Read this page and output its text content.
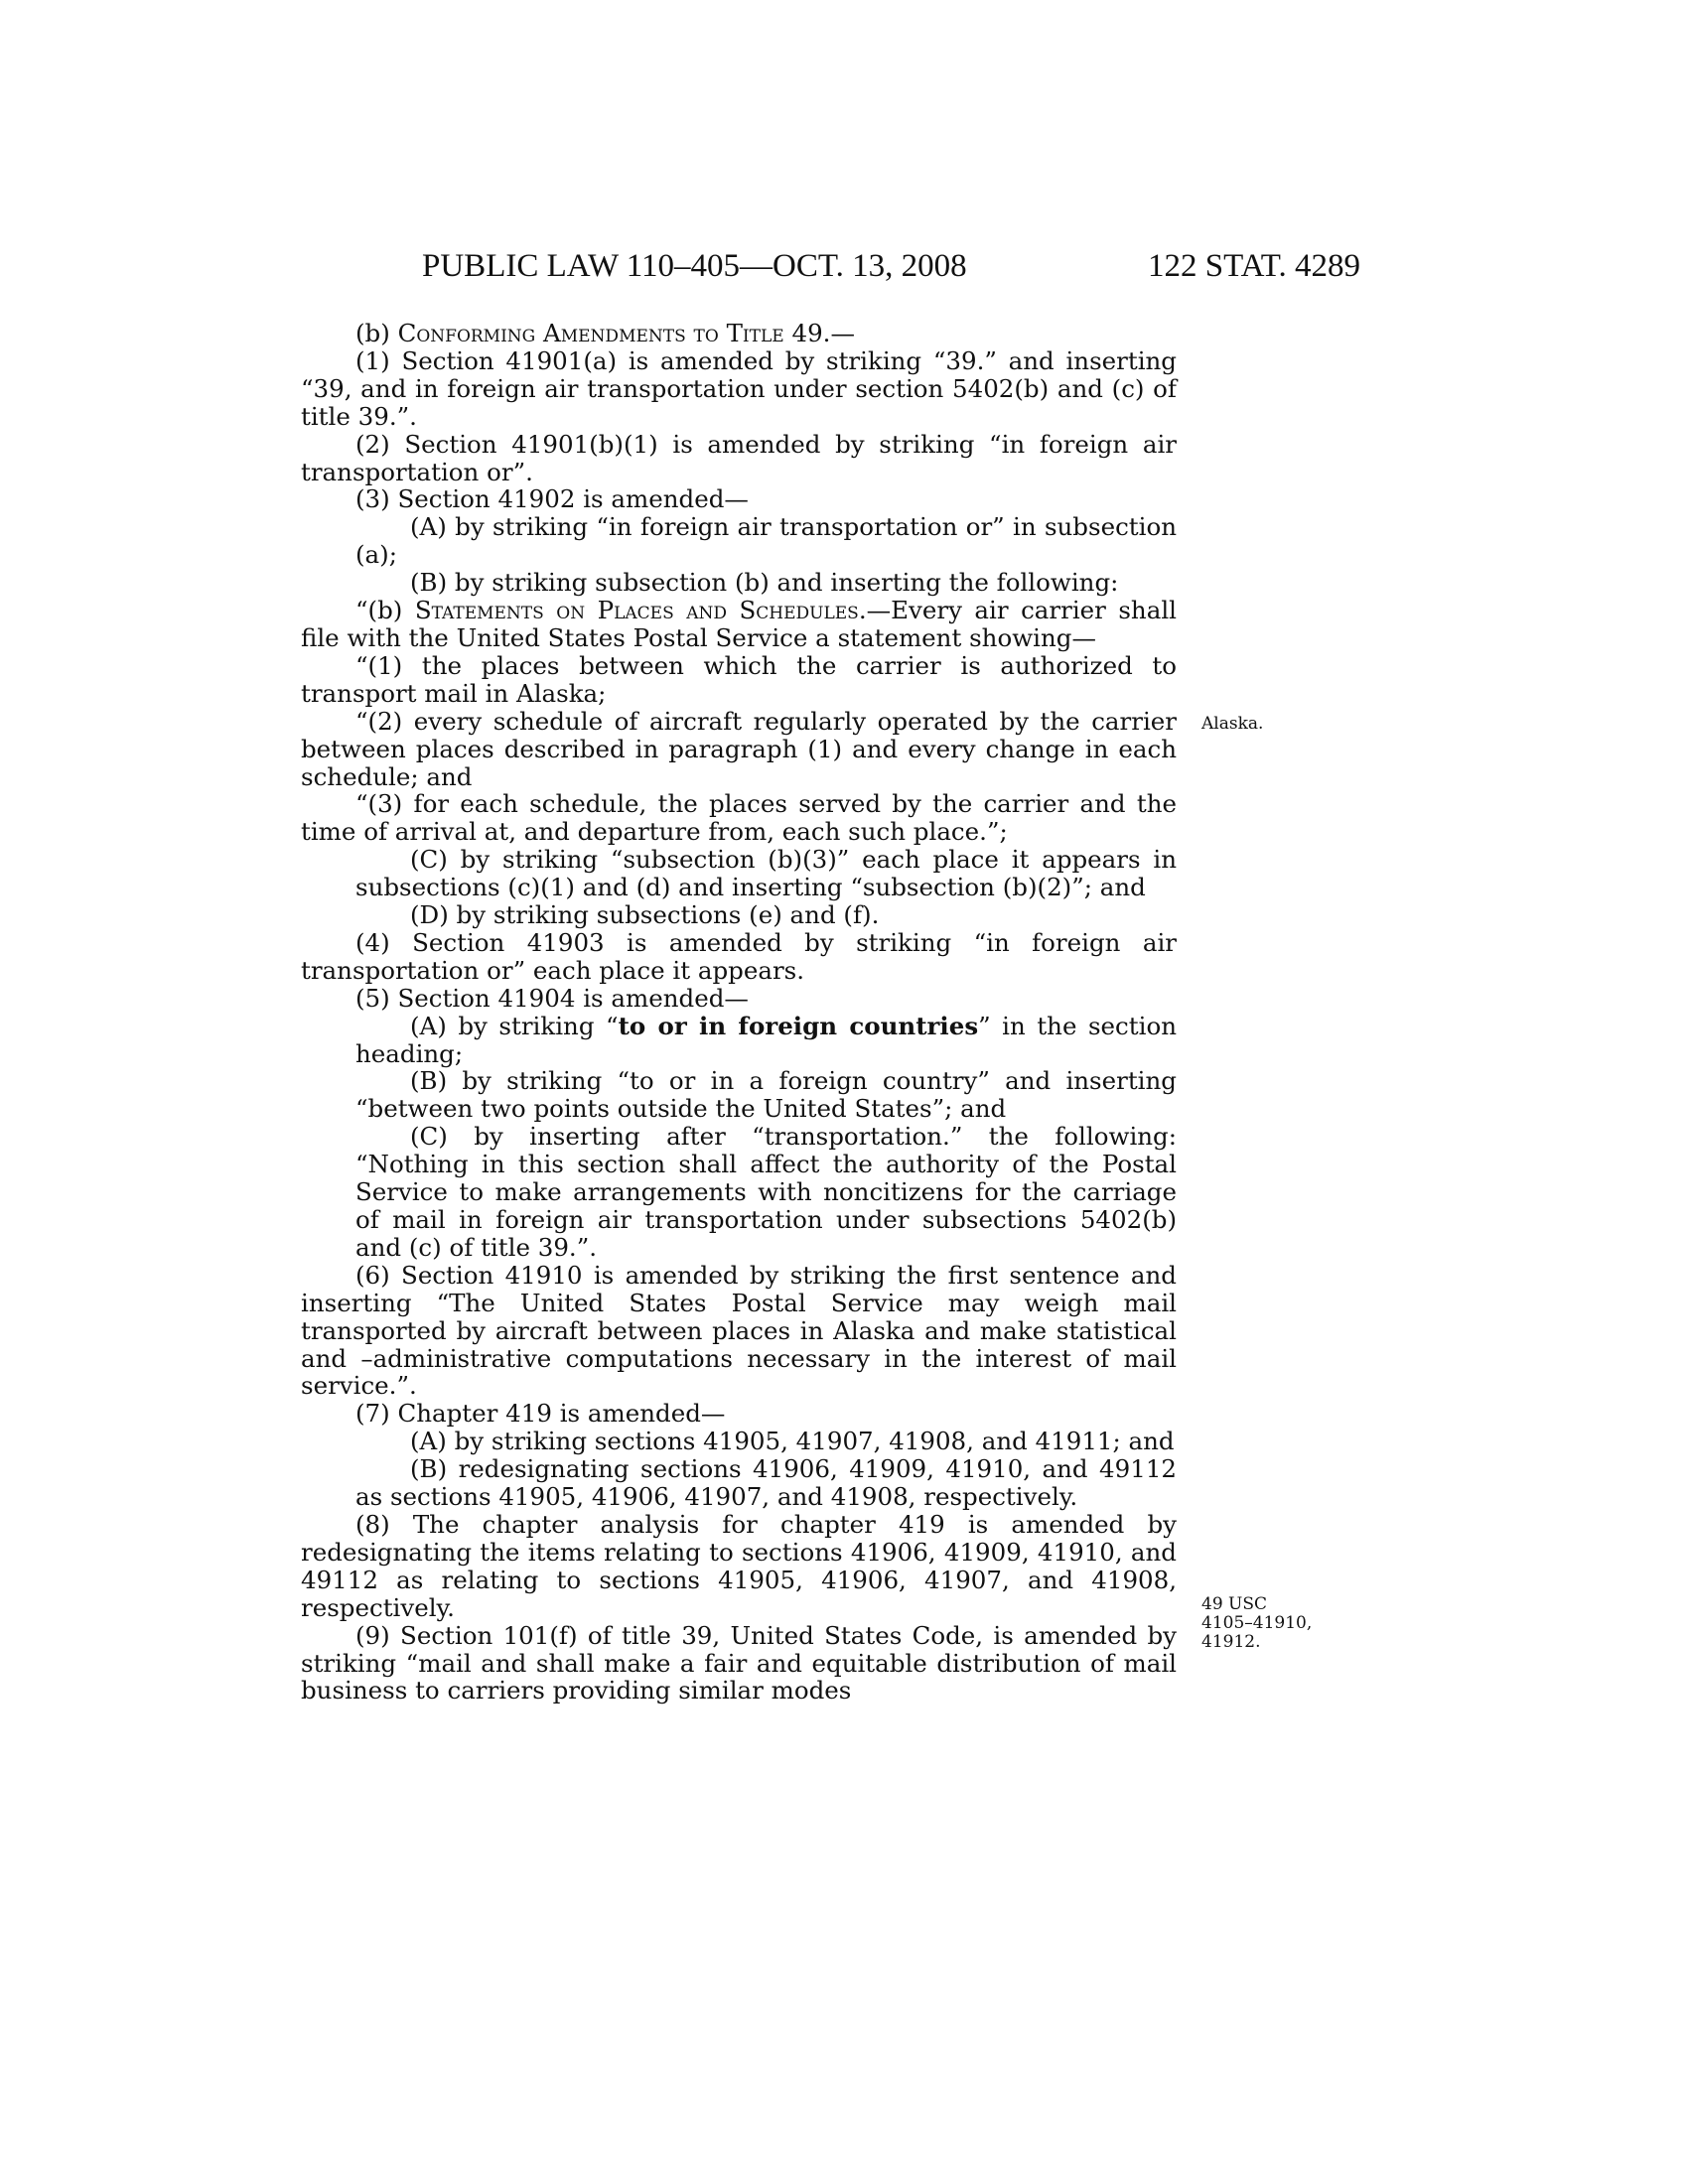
PUBLIC LAW 110–405—OCT. 13, 2008	122 STAT. 4289

(b) Conforming Amendments to Title 49.—

(1) Section 41901(a) is amended by striking “39.” and inserting “39, and in foreign air transportation under section 5402(b) and (c) of title 39.”.

(2) Section 41901(b)(1) is amended by striking “in foreign air transportation or”.

(3) Section 41902 is amended—

(A) by striking “in foreign air transportation or” in subsection (a);

(B) by striking subsection (b) and inserting the following:

“(b) Statements on Places and Schedules.—Every air carrier shall file with the United States Postal Service a statement showing—

“(1) the places between which the carrier is authorized to transport mail in Alaska;

“(2) every schedule of aircraft regularly operated by the carrier between places described in paragraph (1) and every change in each schedule; and

“(3) for each schedule, the places served by the carrier and the time of arrival at, and departure from, each such place.”;

(C) by striking “subsection (b)(3)” each place it appears in subsections (c)(1) and (d) and inserting “subsection (b)(2)”; and

(D) by striking subsections (e) and (f).

(4) Section 41903 is amended by striking “in foreign air transportation or” each place it appears.

(5) Section 41904 is amended—

(A) by striking “to or in foreign countries” in the section heading;

(B) by striking “to or in a foreign country” and inserting “between two points outside the United States”; and

(C) by inserting after “transportation.” the following: “Nothing in this section shall affect the authority of the Postal Service to make arrangements with noncitizens for the carriage of mail in foreign air transportation under subsections 5402(b) and (c) of title 39.”.

(6) Section 41910 is amended by striking the first sentence and inserting “The United States Postal Service may weigh mail transported by aircraft between places in Alaska and make statistical and –administrative computations necessary in the interest of mail service.”.

(7) Chapter 419 is amended—

(A) by striking sections 41905, 41907, 41908, and 41911; and

(B) redesignating sections 41906, 41909, 41910, and 49112 as sections 41905, 41906, 41907, and 41908, respectively.

(8) The chapter analysis for chapter 419 is amended by redesignating the items relating to sections 41906, 41909, 41910, and 49112 as relating to sections 41905, 41906, 41907, and 41908, respectively.

(9) Section 101(f) of title 39, United States Code, is amended by striking “mail and shall make a fair and equitable distribution of mail business to carriers providing similar modes

Alaska.
49 USC
4105–41910,
41912.
